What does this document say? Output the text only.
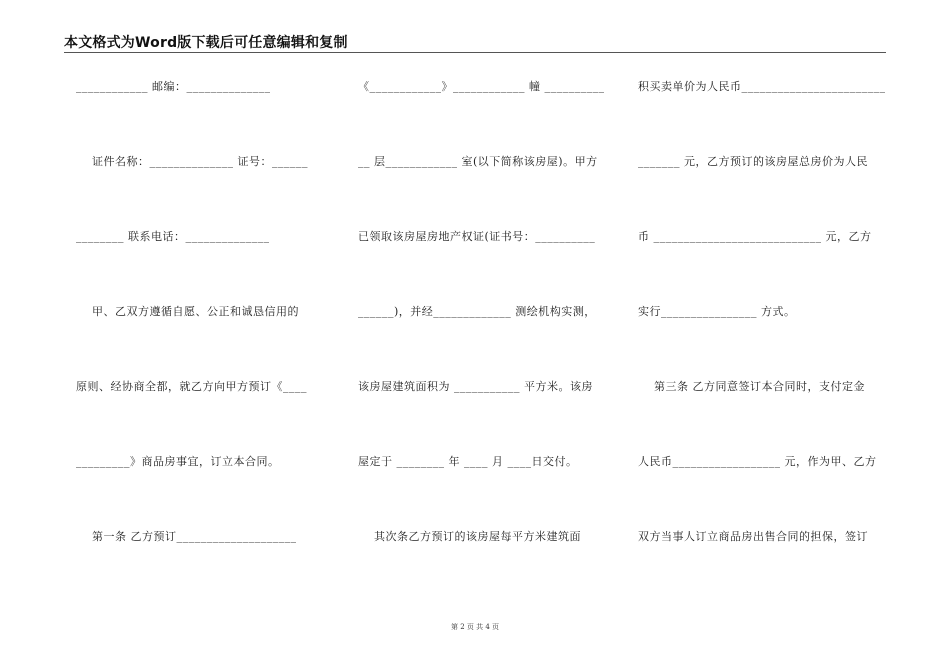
本文格式为Word版下载后可任意编辑和复制
____________ 邮编：______________
证件名称：______________ 证号：______
________ 联系电话：______________
甲、乙双方遵循自愿、公正和诚恳信用的
原则、经协商全都，就乙方向甲方预订《____
_________》商品房事宜，订立本合同。
第一条 乙方预订____________________
《____________》____________ 幢 __________
__ 层____________ 室(以下简称该房屋)。甲方
已领取该房屋房地产权证(证书号：__________
______)，并经_____________ 测绘机构实测，
该房屋建筑面积为 ___________ 平方米。该房
屋定于 ________ 年 ____ 月 ____日交付。
其次条乙方预订的该房屋每平方米建筑面
积买卖单价为人民币________________________
_______ 元，乙方预订的该房屋总房价为人民
币 ____________________________ 元，乙方
实行________________ 方式。
第三条 乙方同意签订本合同时，支付定金
人民币__________________ 元，作为甲、乙方
双方当事人订立商品房出售合同的担保，签订
第 2 页 共 4 页
